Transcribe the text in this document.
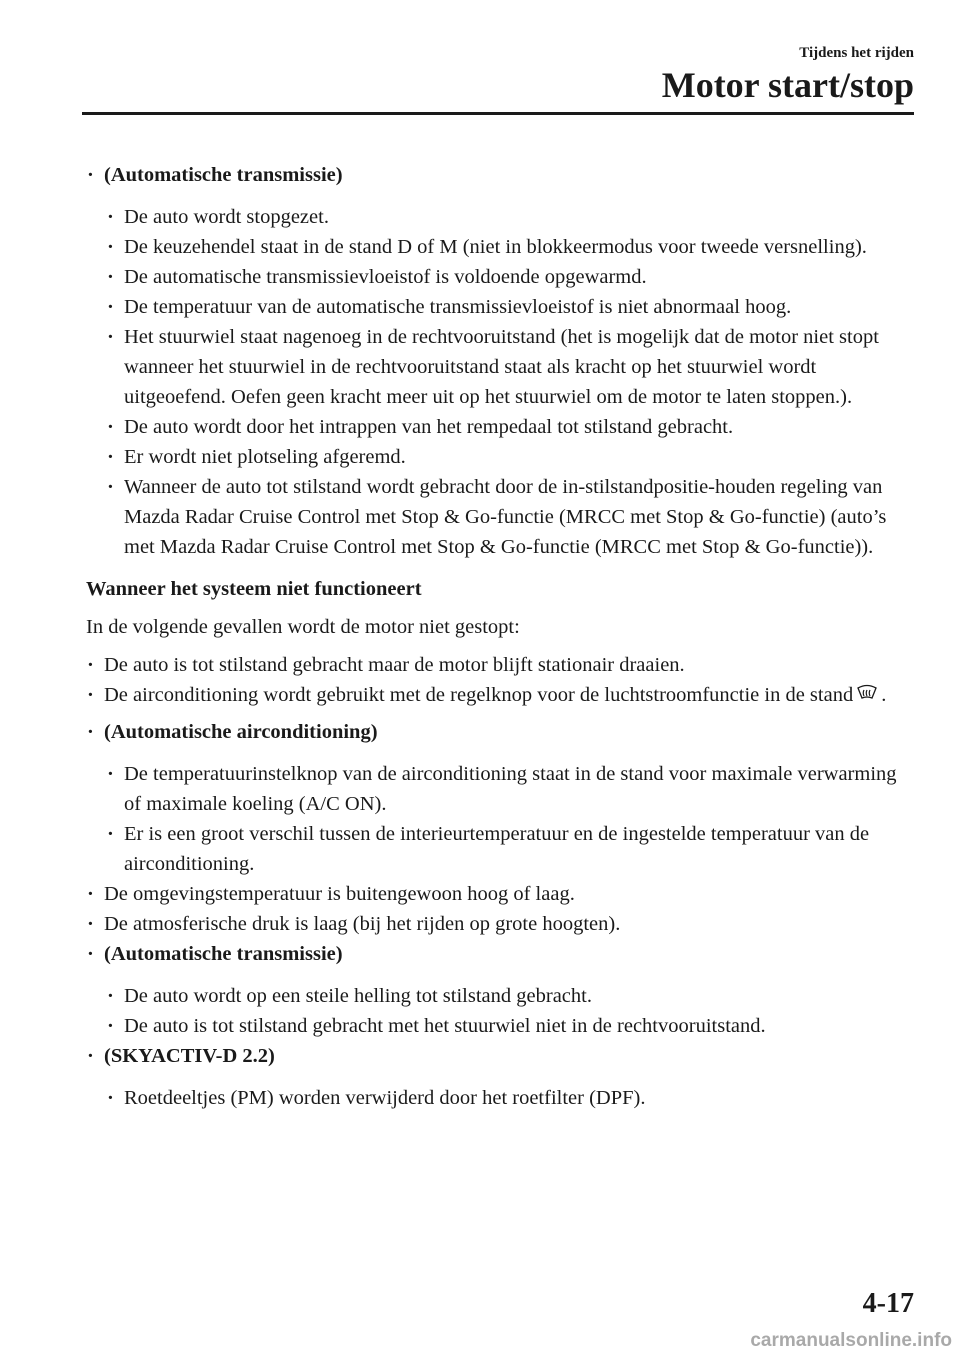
Tijdens het rijden
Motor start/stop
· (Automatische transmissie)
· De auto wordt stopgezet.
· De keuzehendel staat in de stand D of M (niet in blokkeermodus voor tweede versnelling).
· De automatische transmissievloeistof is voldoende opgewarmd.
· De temperatuur van de automatische transmissievloeistof is niet abnormaal hoog.
· Het stuurwiel staat nagenoeg in de rechtvooruitstand (het is mogelijk dat de motor niet stopt wanneer het stuurwiel in de rechtvooruitstand staat als kracht op het stuurwiel wordt uitgeoefend. Oefen geen kracht meer uit op het stuurwiel om de motor te laten stoppen.).
· De auto wordt door het intrappen van het rempedaal tot stilstand gebracht.
· Er wordt niet plotseling afgeremd.
· Wanneer de auto tot stilstand wordt gebracht door de in-stilstandpositie-houden regeling van Mazda Radar Cruise Control met Stop & Go-functie (MRCC met Stop & Go-functie) (auto’s met Mazda Radar Cruise Control met Stop & Go-functie (MRCC met Stop & Go-functie)).
Wanneer het systeem niet functioneert
In de volgende gevallen wordt de motor niet gestopt:
· De auto is tot stilstand gebracht maar de motor blijft stationair draaien.
· De airconditioning wordt gebruikt met de regelknop voor de luchtstroomfunctie in de stand .
· (Automatische airconditioning)
· De temperatuurinstelknop van de airconditioning staat in de stand voor maximale verwarming of maximale koeling (A/C ON).
· Er is een groot verschil tussen de interieurtemperatuur en de ingestelde temperatuur van de airconditioning.
· De omgevingstemperatuur is buitengewoon hoog of laag.
· De atmosferische druk is laag (bij het rijden op grote hoogten).
· (Automatische transmissie)
· De auto wordt op een steile helling tot stilstand gebracht.
· De auto is tot stilstand gebracht met het stuurwiel niet in de rechtvooruitstand.
· (SKYACTIV-D 2.2)
· Roetdeeltjes (PM) worden verwijderd door het roetfilter (DPF).
4-17
carmanualsonline.info
